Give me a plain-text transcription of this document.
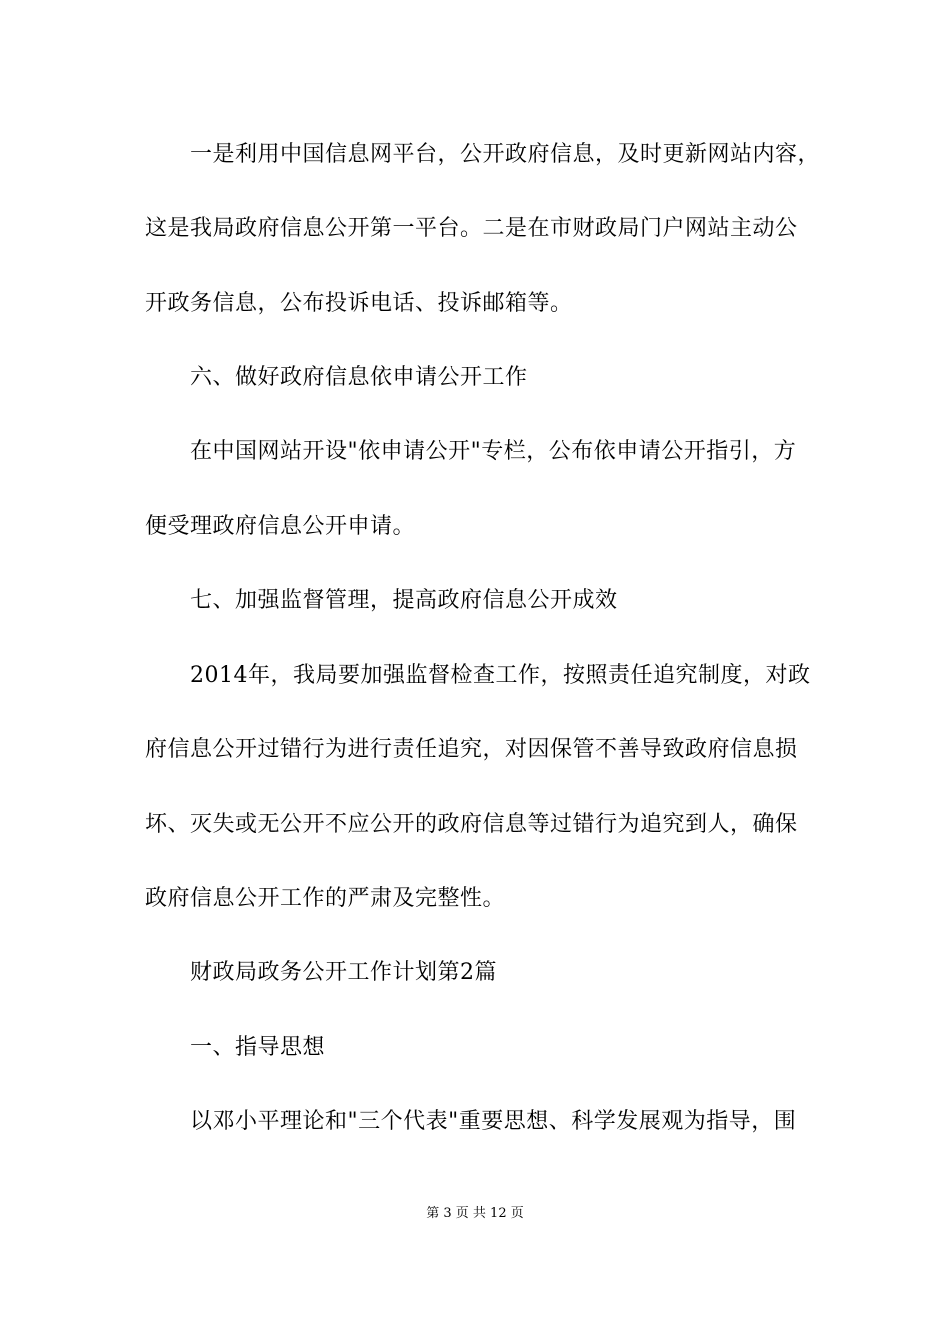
一是利用中国信息网平台，公开政府信息，及时更新网站内容，
这是我局政府信息公开第一平台。二是在市财政局门户网站主动公
开政务信息，公布投诉电话、投诉邮箱等。
六、做好政府信息依申请公开工作
在中国网站开设"依申请公开"专栏，公布依申请公开指引，方
便受理政府信息公开申请。
七、加强监督管理，提高政府信息公开成效
2014年，我局要加强监督检查工作，按照责任追究制度，对政
府信息公开过错行为进行责任追究，对因保管不善导致政府信息损
坏、灭失或无公开不应公开的政府信息等过错行为追究到人，确保
政府信息公开工作的严肃及完整性。
财政局政务公开工作计划第2篇
一、指导思想
以邓小平理论和"三个代表"重要思想、科学发展观为指导，围
第 3 页 共 12 页
